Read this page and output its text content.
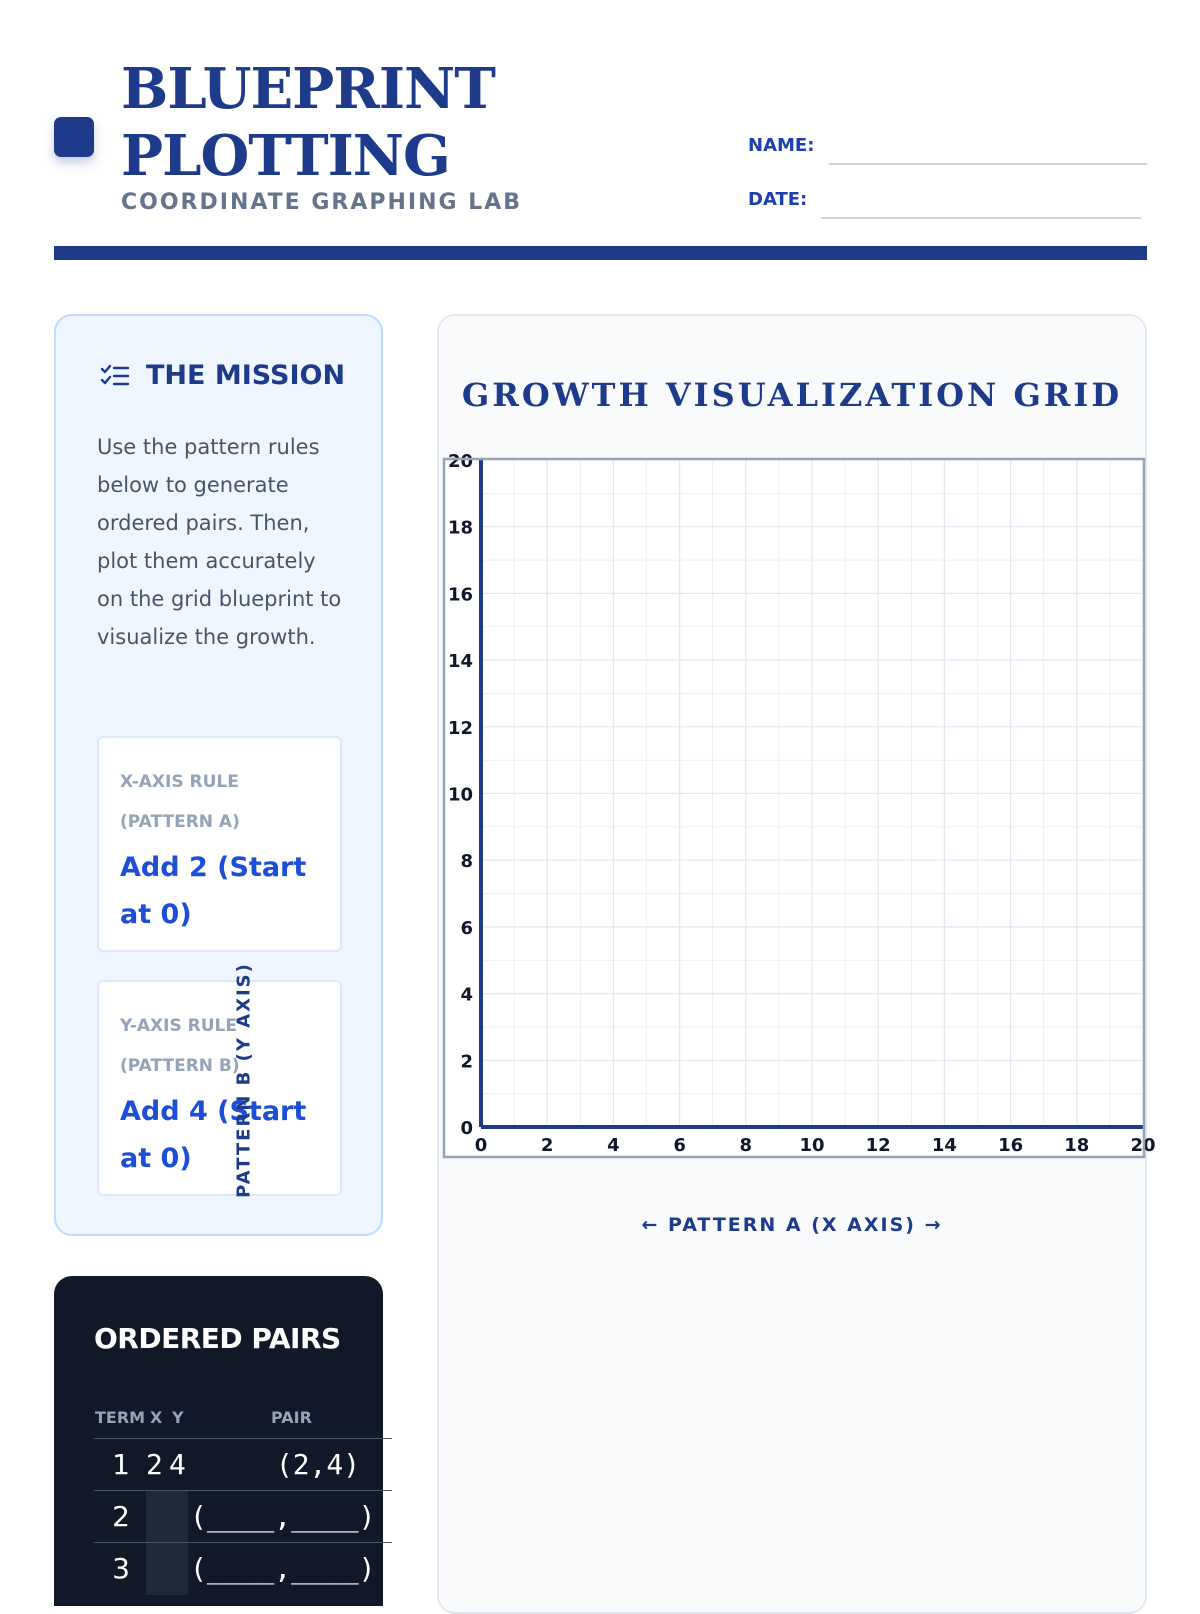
BLUEPRINT
PLOTTING
COORDINATE GRAPHING LAB
NAME:
DATE:
THE MISSION
Use the pattern rules below to generate ordered pairs. Then, plot them accurately on the grid blueprint to visualize the growth.
X-AXIS RULE (PATTERN A)
Add 2 (Start at 0)
Y-AXIS RULE (PATTERN B)
Add 4 (Start at 0)
ORDERED PAIRS
TERM X Y	PAIR
1 2 4	(2,4)
2	(____,____)
3	(____,____)
GROWTH VISUALIZATION GRID
0	2	4	6	8	10 12 14 16 18 20
0
2
4
6
8
10
12
14
16
18
20
PATTERN B (Y AXIS)
← PATTERN A (X AXIS) →
